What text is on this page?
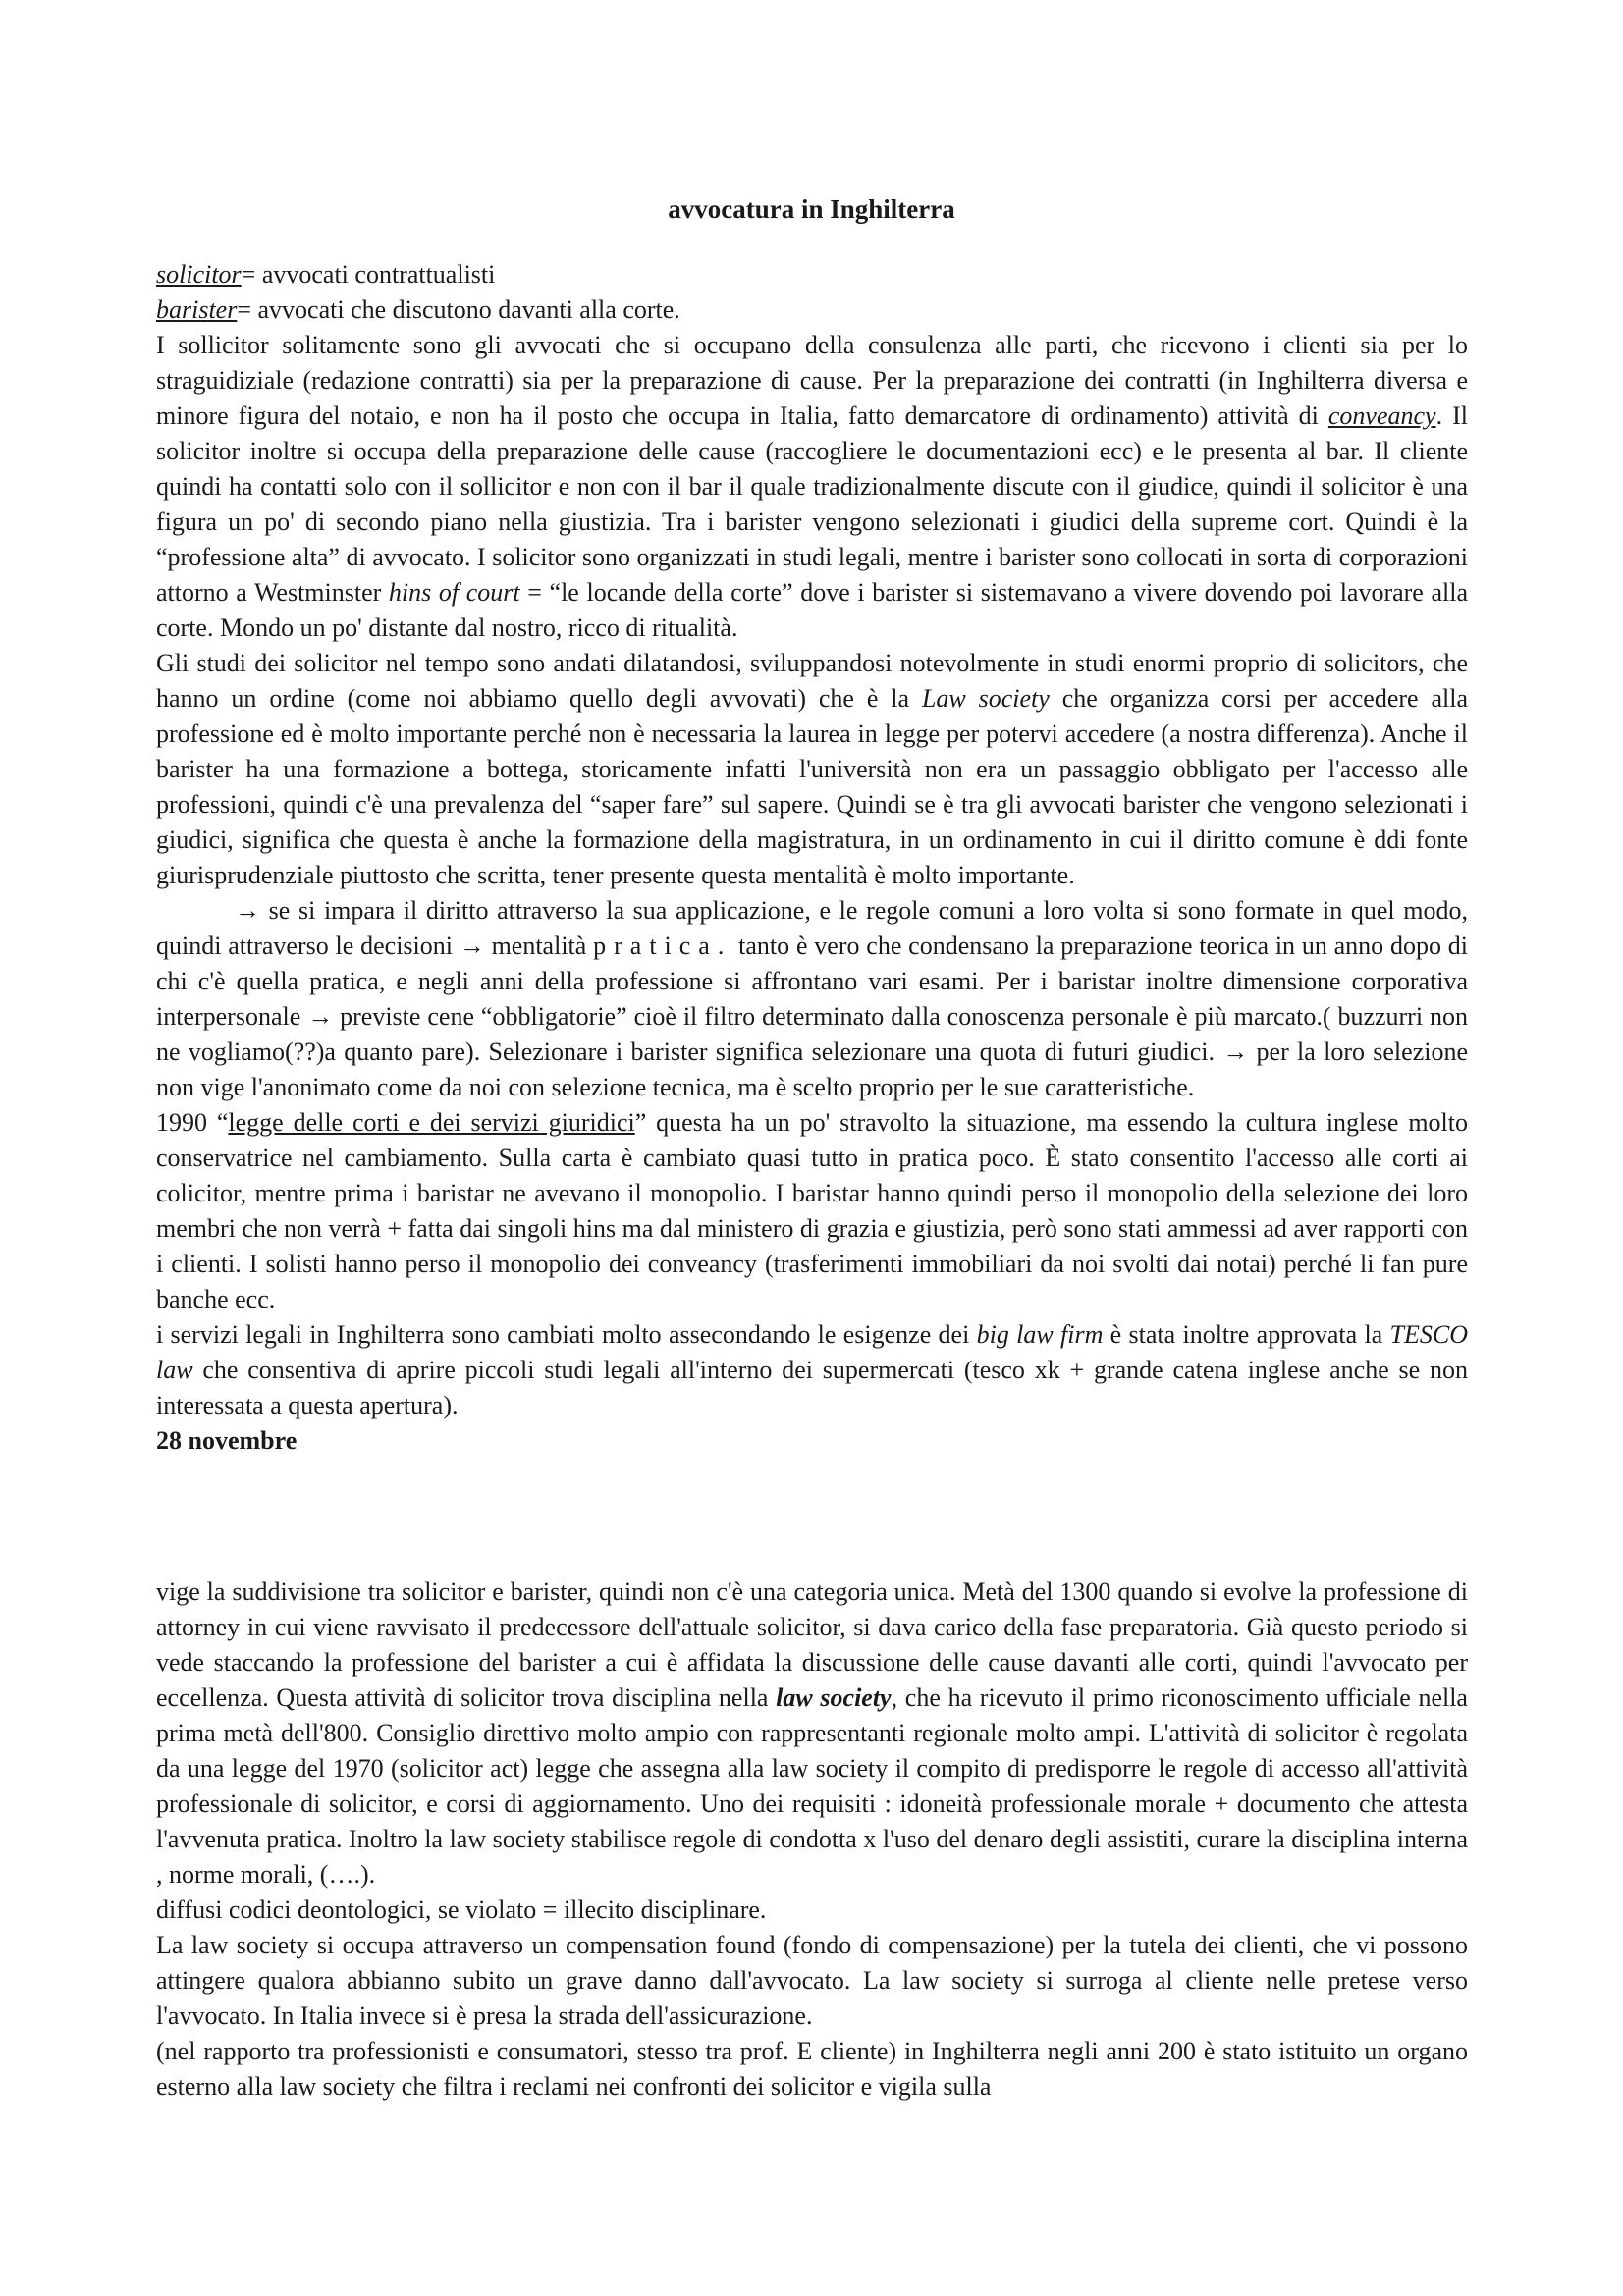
avvocatura in Inghilterra

solicitor= avvocati contrattualisti

barister= avvocati che discutono davanti alla corte.

I sollicitor solitamente sono gli avvocati che si occupano della consulenza alle parti, che ricevono i clienti sia per lo straguidiziale (redazione contratti) sia per la preparazione di cause. Per la preparazione dei contratti (in Inghilterra diversa e minore figura del notaio, e non ha il posto che occupa in Italia, fatto demarcatore di ordinamento) attività di conveancy. Il solicitor inoltre si occupa della preparazione delle cause (raccogliere le documentazioni ecc) e le presenta al bar. Il cliente quindi ha contatti solo con il sollicitor e non con il bar il quale tradizionalmente discute con il giudice, quindi il solicitor è una figura un po' di secondo piano nella giustizia. Tra i barister vengono selezionati i giudici della supreme cort. Quindi è la “professione alta” di avvocato. I solicitor sono organizzati in studi legali, mentre i barister sono collocati in sorta di corporazioni attorno a Westminster hins of court = “le locande della corte” dove i barister si sistemavano a vivere dovendo poi lavorare alla corte. Mondo un po' distante dal nostro, ricco di ritualità.

Gli studi dei solicitor nel tempo sono andati dilatandosi, sviluppandosi notevolmente in studi enormi proprio di solicitors, che hanno un ordine (come noi abbiamo quello degli avvovati) che è la Law society che organizza corsi per accedere alla professione ed è molto importante perché non è necessaria la laurea in legge per potervi accedere (a nostra differenza). Anche il barister ha una formazione a bottega, storicamente infatti l'università non era un passaggio obbligato per l'accesso alle professioni, quindi c'è una prevalenza del “saper fare” sul sapere. Quindi se è tra gli avvocati barister che vengono selezionati i giudici, significa che questa è anche la formazione della magistratura, in un ordinamento in cui il diritto comune è ddi fonte giurisprudenziale piuttosto che scritta, tener presente questa mentalità è molto importante.

→ se si impara il diritto attraverso la sua applicazione, e le regole comuni a loro volta si sono formate in quel modo, quindi attraverso le decisioni → mentalità pratica. tanto è vero che condensano la preparazione teorica in un anno dopo di chi c'è quella pratica, e negli anni della professione si affrontano vari esami. Per i baristar inoltre dimensione corporativa interpersonale → previste cene “obbligatorie” cioè il filtro determinato dalla conoscenza personale è più marcato.( buzzurri non ne vogliamo(??)a quanto pare). Selezionare i barister significa selezionare una quota di futuri giudici. → per la loro selezione non vige l'anonimato come da noi con selezione tecnica, ma è scelto proprio per le sue caratteristiche.

1990 “legge delle corti e dei servizi giuridici” questa ha un po' stravolto la situazione, ma essendo la cultura inglese molto conservatrice nel cambiamento. Sulla carta è cambiato quasi tutto in pratica poco. È stato consentito l'accesso alle corti ai colicitor, mentre prima i baristar ne avevano il monopolio. I baristar hanno quindi perso il monopolio della selezione dei loro membri che non verrà + fatta dai singoli hins ma dal ministero di grazia e giustizia, però sono stati ammessi ad aver rapporti con i clienti. I solisti hanno perso il monopolio dei conveancy (trasferimenti immobiliari da noi svolti dai notai) perché li fan pure banche ecc.

i servizi legali in Inghilterra sono cambiati molto assecondando le esigenze dei big law firm è stata inoltre approvata la TESCO law che consentiva di aprire piccoli studi legali all'interno dei supermercati (tesco xk + grande catena inglese anche se non interessata a questa apertura).

28 novembre

vige la suddivisione tra solicitor e barister, quindi non c'è una categoria unica. Metà del 1300 quando si evolve la professione di attorney in cui viene ravvisato il predecessore dell'attuale solicitor, si dava carico della fase preparatoria. Già questo periodo si vede staccando la professione del barister a cui è affidata la discussione delle cause davanti alle corti, quindi l'avvocato per eccellenza. Questa attività di solicitor trova disciplina nella law society, che ha ricevuto il primo riconoscimento ufficiale nella prima metà dell'800. Consiglio direttivo molto ampio con rappresentanti regionale molto ampi. L'attività di solicitor è regolata da una legge del 1970 (solicitor act) legge che assegna alla law society il compito di predisporre le regole di accesso all'attività professionale di solicitor, e corsi di aggiornamento. Uno dei requisiti : idoneità professionale morale + documento che attesta l'avvenuta pratica. Inoltro la law society stabilisce regole di condotta x l'uso del denaro degli assistiti, curare la disciplina interna , norme morali, (….).

diffusi codici deontologici, se violato = illecito disciplinare.

La law society si occupa attraverso un compensation found (fondo di compensazione) per la tutela dei clienti, che vi possono attingere qualora abbianno subito un grave danno dall'avvocato. La law society si surroga al cliente nelle pretese verso l'avvocato. In Italia invece si è presa la strada dell'assicurazione.

(nel rapporto tra professionisti e consumatori, stesso tra prof. E cliente) in Inghilterra negli anni 200 è stato istituito un organo esterno alla law society che filtra i reclami nei confronti dei solicitor e vigila sulla
